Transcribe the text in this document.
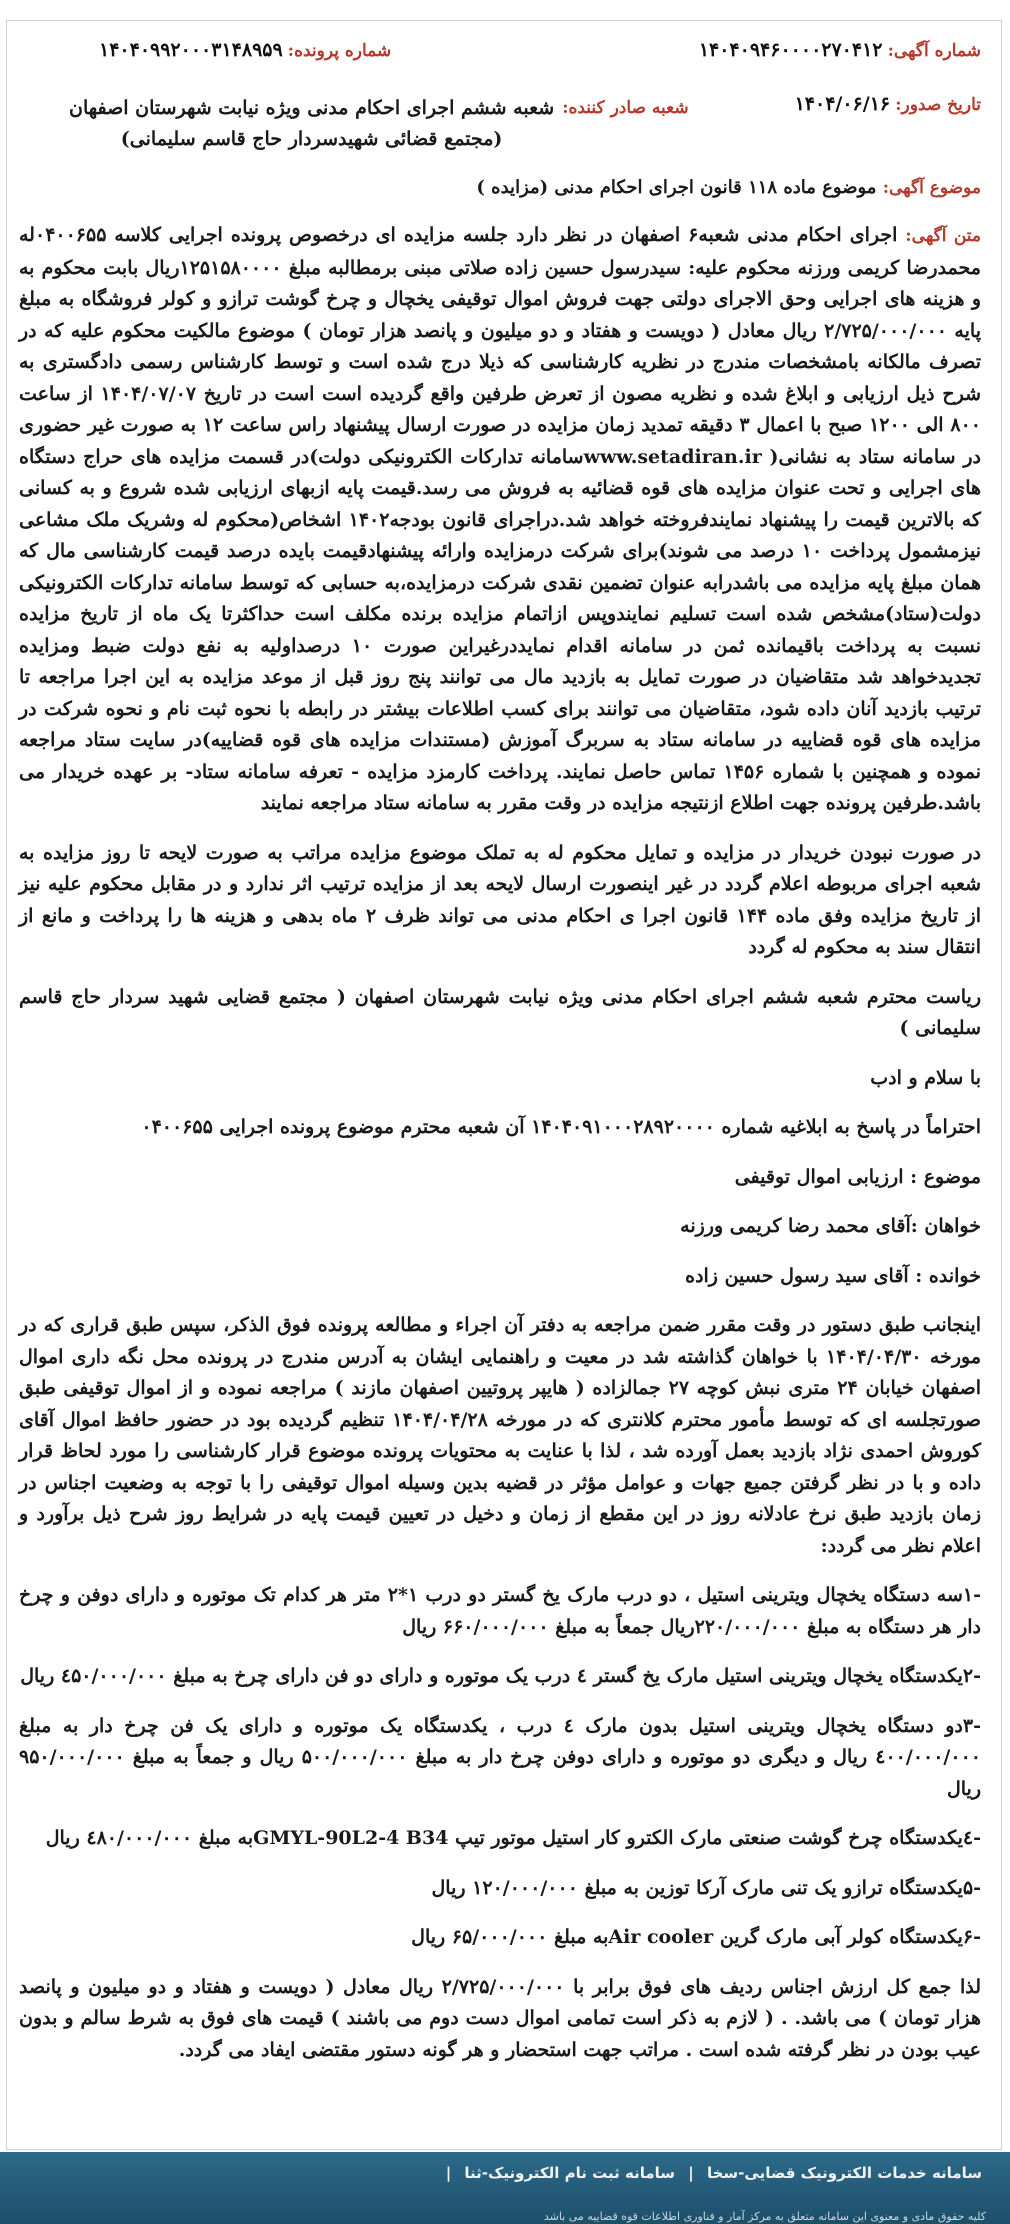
شماره آگهی: ۱۴۰۴۰۹۴۶۰۰۰۰۲۷۰۴۱۲
شماره پرونده: ۱۴۰۴۰۹۹۲۰۰۰۳۱۴۸۹۵۹
تاریخ صدور: ۱۴۰۴/۰۶/۱۶
شعبه صادر کننده:
شعبه ششم اجرای احکام مدنی ویژه نیابت شهرستان اصفهان
(مجتمع قضائی شهیدسردار حاج قاسم سلیمانی)
موضوع آگهی: موضوع ماده ۱۱۸ قانون اجرای احکام مدنی (مزایده )

متن آگهی: اجرای احکام مدنی شعبه۶ اصفهان در نظر دارد جلسه مزایده ای درخصوص پرونده اجرایی کلاسه ۰۴۰۰۶۵۵له محمدرضا کریمی ورزنه محکوم علیه: سیدرسول حسین زاده صلاتی مبنی برمطالبه مبلغ ۱۲۵۱۵۸۰۰۰۰ریال بابت محکوم به و هزینه های اجرایی وحق الاجرای دولتی جهت فروش اموال توقیفی یخچال و چرخ گوشت ترازو و کولر فروشگاه به مبلغ پایه ۲/۷۲۵/۰۰۰/۰۰۰ ریال معادل ( دویست و هفتاد و دو میلیون و پانصد هزار تومان ) موضوع مالکیت محکوم علیه که در تصرف مالکانه بامشخصات مندرج در نظریه کارشناسی که ذیلا درج شده است و توسط کارشناس رسمی دادگستری به شرح ذیل ارزیابی و ابلاغ شده و نظریه مصون از تعرض طرفین واقع گردیده است است در تاریخ ۱۴۰۴/۰۷/۰۷ از ساعت ۸۰۰ الی ۱۲۰۰ صبح با اعمال ۳ دقیقه تمدید زمان مزایده در صورت ارسال پیشنهاد راس ساعت ۱۲ به صورت غیر حضوری در سامانه ستاد به نشانی( www.setadiran.irسامانه تدارکات الکترونیکی دولت)در قسمت مزایده های حراج دستگاه های اجرایی و تحت عنوان مزایده های قوه قضائیه به فروش می رسد.قیمت پایه ازبهای ارزیابی شده شروع و به کسانی که بالاترین قیمت را پیشنهاد نمایندفروخته خواهد شد.دراجرای قانون بودجه۱۴۰۲ اشخاص(محکوم له وشریک ملک مشاعی نیزمشمول پرداخت ۱۰ درصد می شوند)برای شرکت درمزایده وارائه پیشنهادقیمت بایده درصد قیمت کارشناسی مال که همان مبلغ پایه مزایده می باشدرابه عنوان تضمین نقدی شرکت درمزایده،به حسابی که توسط سامانه تدارکات الکترونیکی دولت(ستاد)مشخص شده است تسلیم نمایندوپس ازاتمام مزایده برنده مکلف است حداکثرتا یک ماه از تاریخ مزایده نسبت به پرداخت باقیمانده ثمن در سامانه اقدام نمایددرغیراین صورت ۱۰ درصداولیه به نفع دولت ضبط ومزایده تجدیدخواهد شد متقاضیان در صورت تمایل به بازدید مال می توانند پنج روز قبل از موعد مزایده به این اجرا مراجعه تا ترتیب بازدید آنان داده شود، متقاضیان می توانند برای کسب اطلاعات بیشتر در رابطه با نحوه ثبت نام و نحوه شرکت در مزایده های قوه قضاییه در سامانه ستاد به سربرگ آموزش (مستندات مزایده های قوه قضاییه)در سایت ستاد مراجعه نموده و همچنین با شماره ۱۴۵۶ تماس حاصل نمایند. پرداخت کارمزد مزایده - تعرفه سامانه ستاد- بر عهده خریدار می باشد.طرفین پرونده جهت اطلاع ازنتیجه مزایده در وقت مقرر به سامانه ستاد مراجعه نمایند

در صورت نبودن خریدار در مزایده و تمایل محکوم له به تملک موضوع مزایده مراتب به صورت لایحه تا روز مزایده به شعبه اجرای مربوطه اعلام گردد در غیر اینصورت ارسال لایحه بعد از مزایده ترتیب اثر ندارد و در مقابل محکوم علیه نیز از تاریخ مزایده وفق ماده ۱۴۴ قانون اجرا ی احکام مدنی می تواند ظرف ۲ ماه بدهی و هزینه ها را پرداخت و مانع از انتقال سند به محکوم له گردد

ریاست محترم شعبه ششم اجرای احکام مدنی ویژه نیابت شهرستان اصفهان ( مجتمع قضایی شهید سردار حاج قاسم سلیمانی )

با سلام و ادب

احتراماً در پاسخ به ابلاغیه شماره ۱۴۰۴۰۹۱۰۰۰۲۸۹۲۰۰۰۰ آن شعبه محترم موضوع پرونده اجرایی ۰۴۰۰۶۵۵

موضوع : ارزیابی اموال توقیفی

خواهان :آقای محمد رضا کریمی ورزنه

خوانده : آقای سید رسول حسین زاده

اینجانب طبق دستور در وقت مقرر ضمن مراجعه به دفتر آن اجراء و مطالعه پرونده فوق الذکر، سپس طبق قراری که در مورخه ۱۴۰۴/۰۴/۳۰ با خواهان گذاشته شد در معیت و راهنمایی ایشان به آدرس مندرج در پرونده محل نگه داری اموال اصفهان خیابان ۲۴ متری نبش کوچه ۲۷ جمالزاده ( هایپر پروتیین اصفهان مازند ) مراجعه نموده و از اموال توقیفی طبق صورتجلسه ای که توسط مأمور محترم کلانتری که در مورخه ۱۴۰۴/۰۴/۲۸ تنظیم گردیده بود در حضور حافظ اموال آقای کوروش احمدی نژاد بازدید بعمل آورده شد ، لذا با عنایت به محتویات پرونده موضوع قرار کارشناسی را مورد لحاظ قرار داده و با در نظر گرفتن جمیع جهات و عوامل مؤثر در قضیه بدین وسیله اموال توقیفی را با توجه به وضعیت اجناس در زمان بازدید طبق نرخ عادلانه روز در این مقطع از زمان و دخیل در تعیین قیمت پایه در شرایط روز شرح ذیل برآورد و اعلام نظر می گردد:

-۱سه دستگاه یخچال ویترینی استیل ، دو درب مارک یخ گستر دو درب ۱*۲ متر هر کدام تک موتوره و دارای دوفن و چرخ دار هر دستگاه به مبلغ ۲۲۰/۰۰۰/۰۰۰ریال جمعاً به مبلغ ۶۶۰/۰۰۰/۰۰۰ ریال

-۲یکدستگاه یخچال ویترینی استیل مارک یخ گستر ٤ درب یک موتوره و دارای دو فن دارای چرخ به مبلغ ٤۵۰/۰۰۰/۰۰۰ ریال

-۳دو دستگاه یخچال ویترینی استیل بدون مارک ٤ درب ، یکدستگاه یک موتوره و دارای یک فن چرخ دار به مبلغ ٤۰۰/۰۰۰/۰۰۰ ریال و دیگری دو موتوره و دارای دوفن چرخ دار به مبلغ ۵۰۰/۰۰۰/۰۰۰ ریال و جمعاً به مبلغ ۹۵۰/۰۰۰/۰۰۰ ریال

-٤یکدستگاه چرخ گوشت صنعتی مارک الکترو کار استیل موتور تیپ GMYL-90L2-4 B34به مبلغ ٤۸۰/۰۰۰/۰۰۰ ریال

-۵یکدستگاه ترازو یک تنی مارک آرکا توزین به مبلغ ۱۲۰/۰۰۰/۰۰۰ ریال

-۶یکدستگاه کولر آبی مارک گرین Air coolerبه مبلغ ۶۵/۰۰۰/۰۰۰ ریال

لذا جمع کل ارزش اجناس ردیف های فوق برابر با ۲/۷۲۵/۰۰۰/۰۰۰ ریال معادل ( دویست و هفتاد و دو میلیون و پانصد هزار تومان ) می باشد. . ( لازم به ذکر است تمامی اموال دست دوم می باشند ) قیمت های فوق به شرط سالم و بدون عیب بودن در نظر گرفته شده است . مراتب جهت استحضار و هر گونه دستور مقتضی ایفاد می گردد.

سامانه خدمات الکترونیک قضایی-سخا | سامانه ثبت نام الکترونیک-ثنا |
کلیه حقوق مادی و معنوی این سامانه متعلق به مرکز آمار و فناوری اطلاعات قوه قضاییه می باشد
